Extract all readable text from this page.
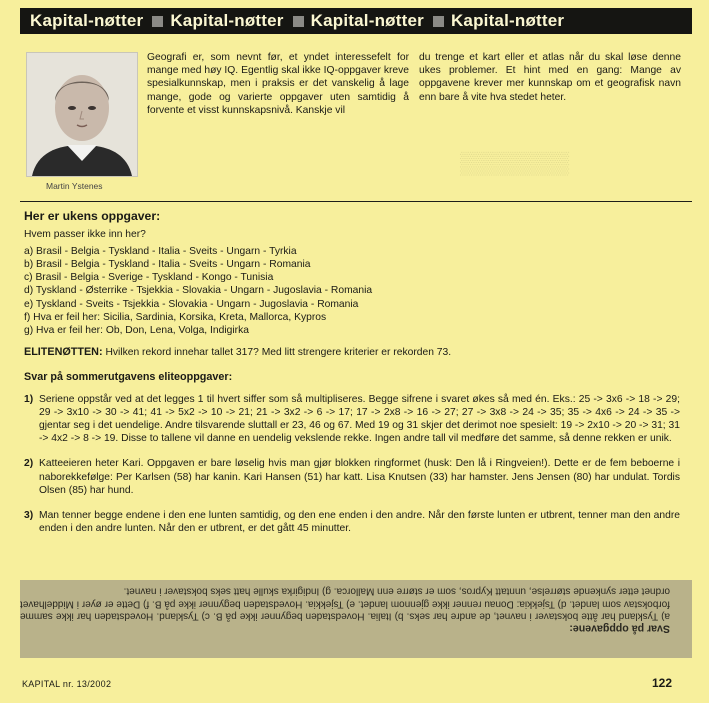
▒▒▒▒▒▒▒
Kapital-nøtter Kapital-nøtter Kapital-nøtter Kapital-nøtter
Martin Ystenes
Geografi er, som nevnt før, et yndet interessefelt for mange med høy IQ. Egentlig skal ikke IQ-oppgaver kreve spesialkunnskap, men i praksis er det vanskelig å lage mange, gode og varierte oppgaver uten samtidig å forvente et visst kunnskapsnivå. Kanskje vil
du trenge et kart eller et atlas når du skal løse denne ukes problemer. Et hint med en gang: Mange av oppgavene krever mer kunnskap om et geografisk navn enn bare å vite hva stedet heter.
Her er ukens oppgaver:
Hvem passer ikke inn her?
a) Brasil - Belgia - Tyskland - Italia - Sveits - Ungarn - Tyrkia
b) Brasil - Belgia - Tyskland - Italia - Sveits - Ungarn - Romania
c) Brasil - Belgia - Sverige - Tyskland - Kongo - Tunisia
d) Tyskland - Østerrike - Tsjekkia - Slovakia - Ungarn - Jugoslavia - Romania
e) Tyskland - Sveits - Tsjekkia - Slovakia - Ungarn - Jugoslavia - Romania
f) Hva er feil her: Sicilia, Sardinia, Korsika, Kreta, Mallorca, Kypros
g) Hva er feil her: Ob, Don, Lena, Volga, Indigirka
ELITENØTTEN: Hvilken rekord innehar tallet 317? Med litt strengere kriterier er rekorden 73.
Svar på sommerutgavens eliteoppgaver:
1) Seriene oppstår ved at det legges 1 til hvert siffer som så multipliseres. Begge sifrene i svaret økes så med én. Eks.: 25 -> 3x6 -> 18 -> 29; 29 -> 3x10 -> 30 -> 41; 41 -> 5x2 -> 10 -> 21; 21 -> 3x2 -> 6 -> 17; 17 -> 2x8 -> 16 -> 27; 27 -> 3x8 -> 24 -> 35; 35 -> 4x6 -> 24 -> 35 -> gjentar seg i det uendelige. Andre tilsvarende sluttall er 23, 46 og 67. Med 19 og 31 skjer det derimot noe spesielt: 19 -> 2x10 -> 20 -> 31; 31 -> 4x2 -> 8 -> 19. Disse to tallene vil danne en uendelig vekslende rekke. Ingen andre tall vil medføre det samme, så denne rekken er unik.
2) Katteeieren heter Kari. Oppgaven er bare løselig hvis man gjør blokken ringformet (husk: Den lå i Ringveien!). Dette er de fem beboerne i naborekkefølge: Per Karlsen (58) har kanin. Kari Hansen (51) har katt. Lisa Knutsen (33) har hamster. Jens Jensen (80) har undulat. Tordis Olsen (85) har hund.
3) Man tenner begge endene i den ene lunten samtidig, og den ene enden i den andre. Når den første lunten er utbrent, tenner man den andre enden i den andre lunten. Når den er utbrent, er det gått 45 minutter.
Svar på oppgavene:
a) Tyskland har åtte bokstaver i navnet, de andre har seks. b) Italia. Hovedstaden begynner ikke på B. c) Tyskland. Hovedstaden har ikke samme forbokstav som landet. d) Tsjekkia: Donau renner ikke gjennom landet. e) Tsjekkia. Hovedstaden begynner ikke på B. f) Dette er øyer i Middelhavet ordnet etter synkende størrelse, unntatt Kypros, som er større enn Mallorca. g) Indigirka skulle hatt seks bokstaver i navnet.
KAPITAL nr. 13/2002	122
